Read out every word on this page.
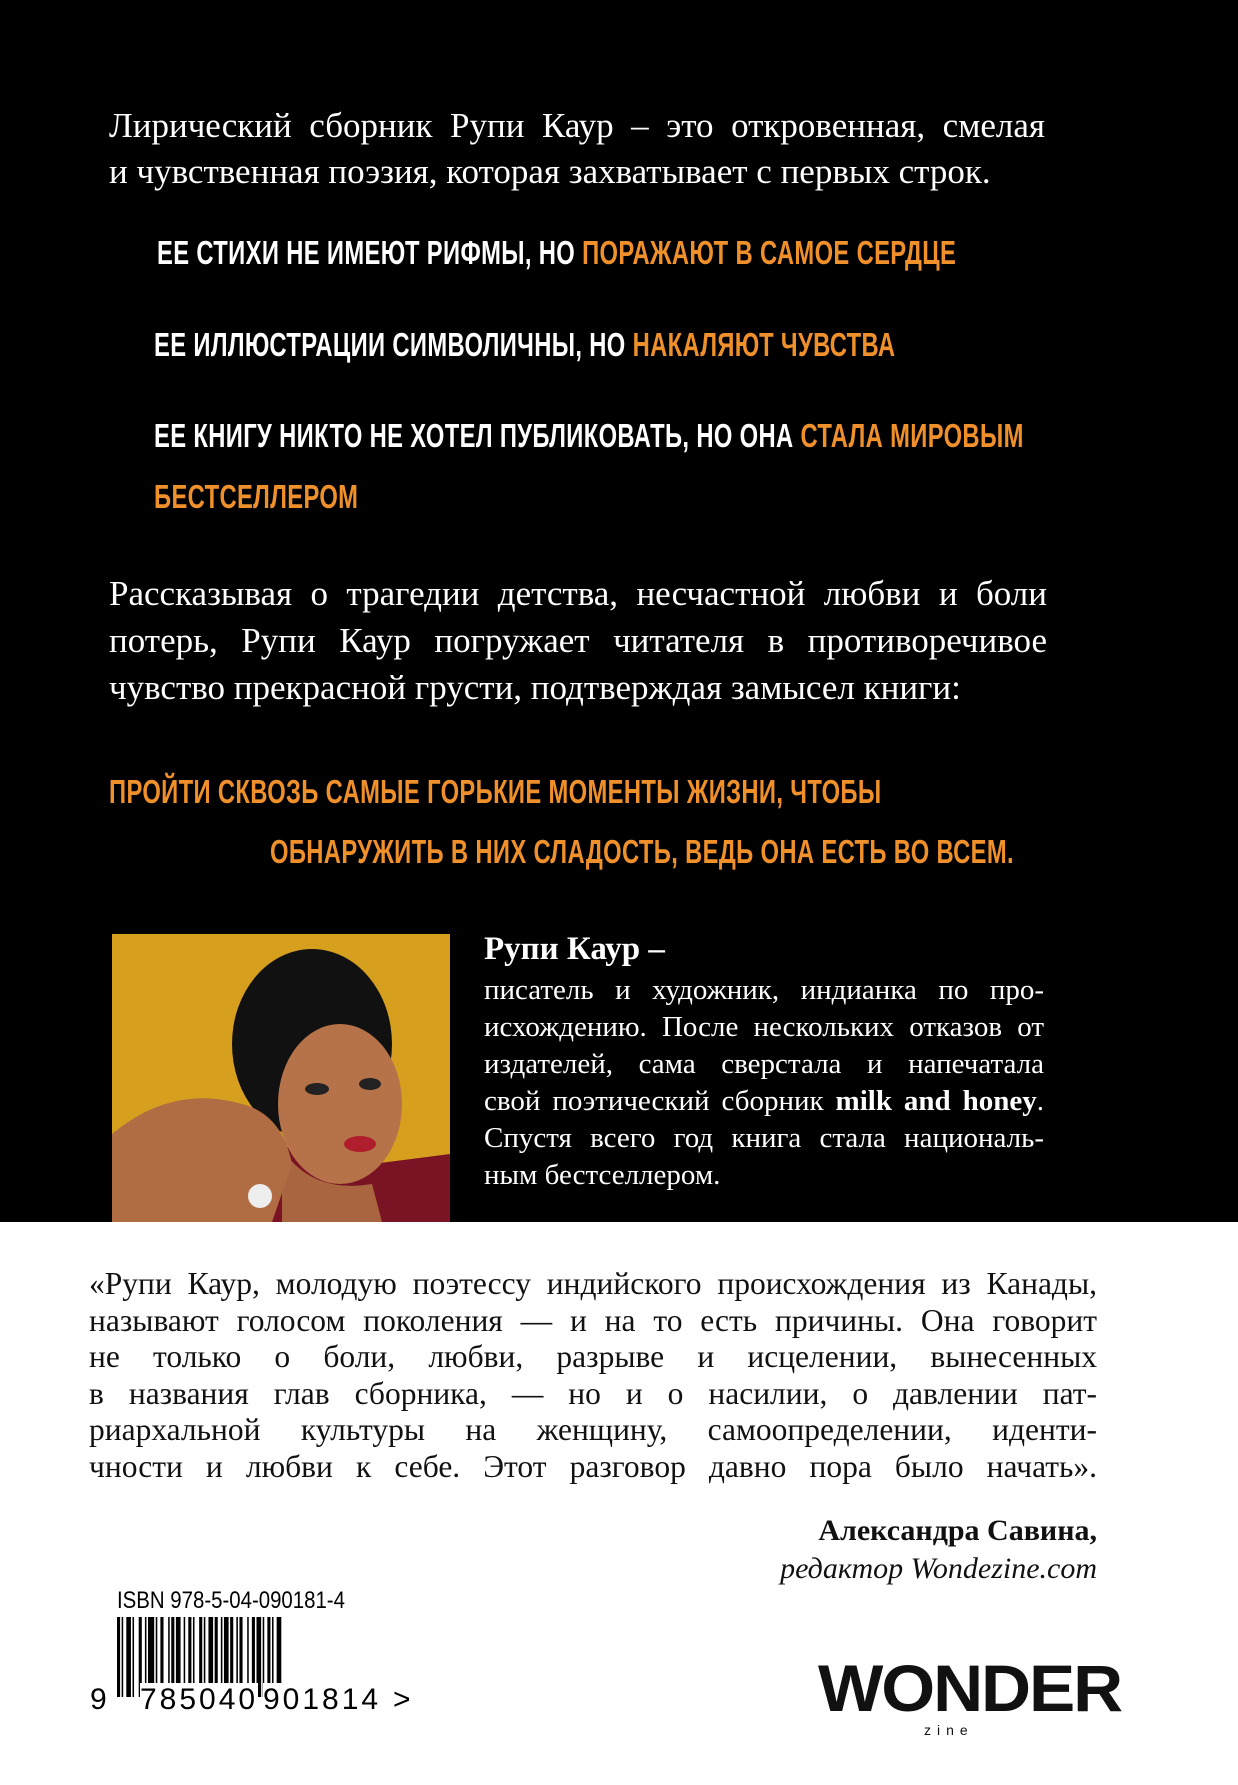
Лирический сборник Рупи Каур – это откровенная, смелая
и чувственная поэзия, которая захватывает с первых строк.
ЕЕ СТИХИ НЕ ИМЕЮТ РИФМЫ, НО ПОРАЖАЮТ В САМОЕ СЕРДЦЕ
ЕЕ ИЛЛЮСТРАЦИИ СИМВОЛИЧНЫ, НО НАКАЛЯЮТ ЧУВСТВА
ЕЕ КНИГУ НИКТО НЕ ХОТЕЛ ПУБЛИКОВАТЬ, НО ОНА СТАЛА МИРОВЫМ
БЕСТСЕЛЛЕРОМ
Рассказывая о трагедии детства, несчастной любви и боли
потерь, Рупи Каур погружает читателя в противоречивое
чувство прекрасной грусти, подтверждая замысел книги:
ПРОЙТИ СКВОЗЬ САМЫЕ ГОРЬКИЕ МОМЕНТЫ ЖИЗНИ, ЧТОБЫ
ОБНАРУЖИТЬ В НИХ СЛАДОСТЬ, ВЕДЬ ОНА ЕСТЬ ВО ВСЕМ.
Рупи Каур –
писатель и художник, индианка по про-
исхождению. После нескольких отказов от
издателей, сама сверстала и напечатала
свой поэтический сборник milk and honey.
Спустя всего год книга стала националь-
ным бестселлером.
«Рупи Каур, молодую поэтессу индийского происхождения из Канады,
называют голосом поколения — и на то есть причины. Она говорит
не только о боли, любви, разрыве и исцелении, вынесенных
в названия глав сборника, — но и о насилии, о давлении пат-
риархальной культуры на женщину, самоопределении, иденти-
чности и любви к себе. Этот разговор давно пора было начать».
Александра Савина,
редактор Wondezine.com
ISBN 978-5-04-090181-4
9 785040 901814 >	WONDER
zine
